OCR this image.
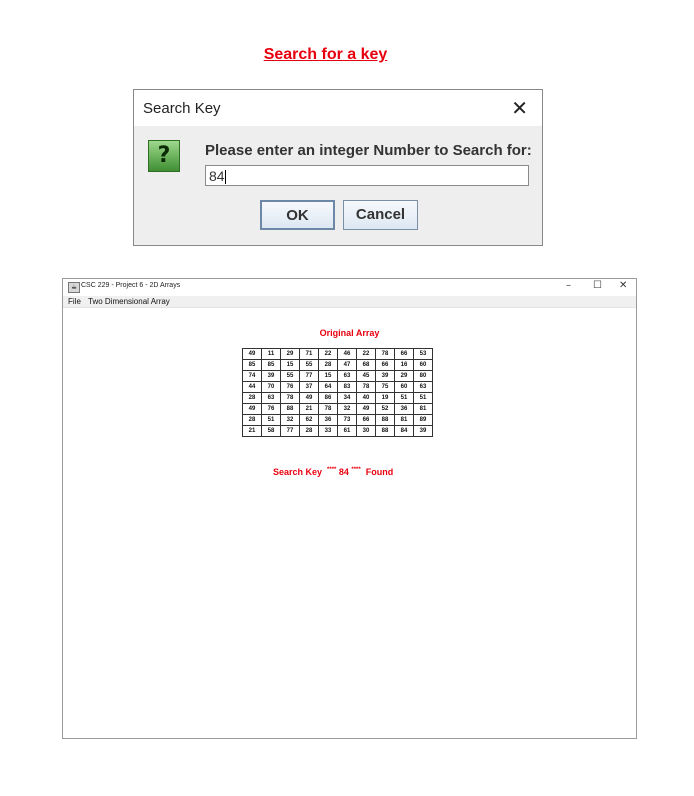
Search for a key
Search Key	✕
?	Please enter an integer Number to Search for:
84
OK	Cancel
☕ CSC 229 - Project 6 - 2D Arrays	– ☐ ✕
File Two Dimensional Array
Original Array
49	11	29	71	22	46	22	78	66	53
85	85	15	55	28	47	68	66	16	60
74	39	55	77	15	63	45	39	29	80
44	70	76	37	64	83	78	75	60	63
28	63	78	49	86	34	40	19	51	51
49	76	88	21	78	32	49	52	36	81
28	51	32	62	36	73	66	88	81	89
21	58	77	28	33	61	30	88	84	39
Search Key  **** 84 ****  Found
